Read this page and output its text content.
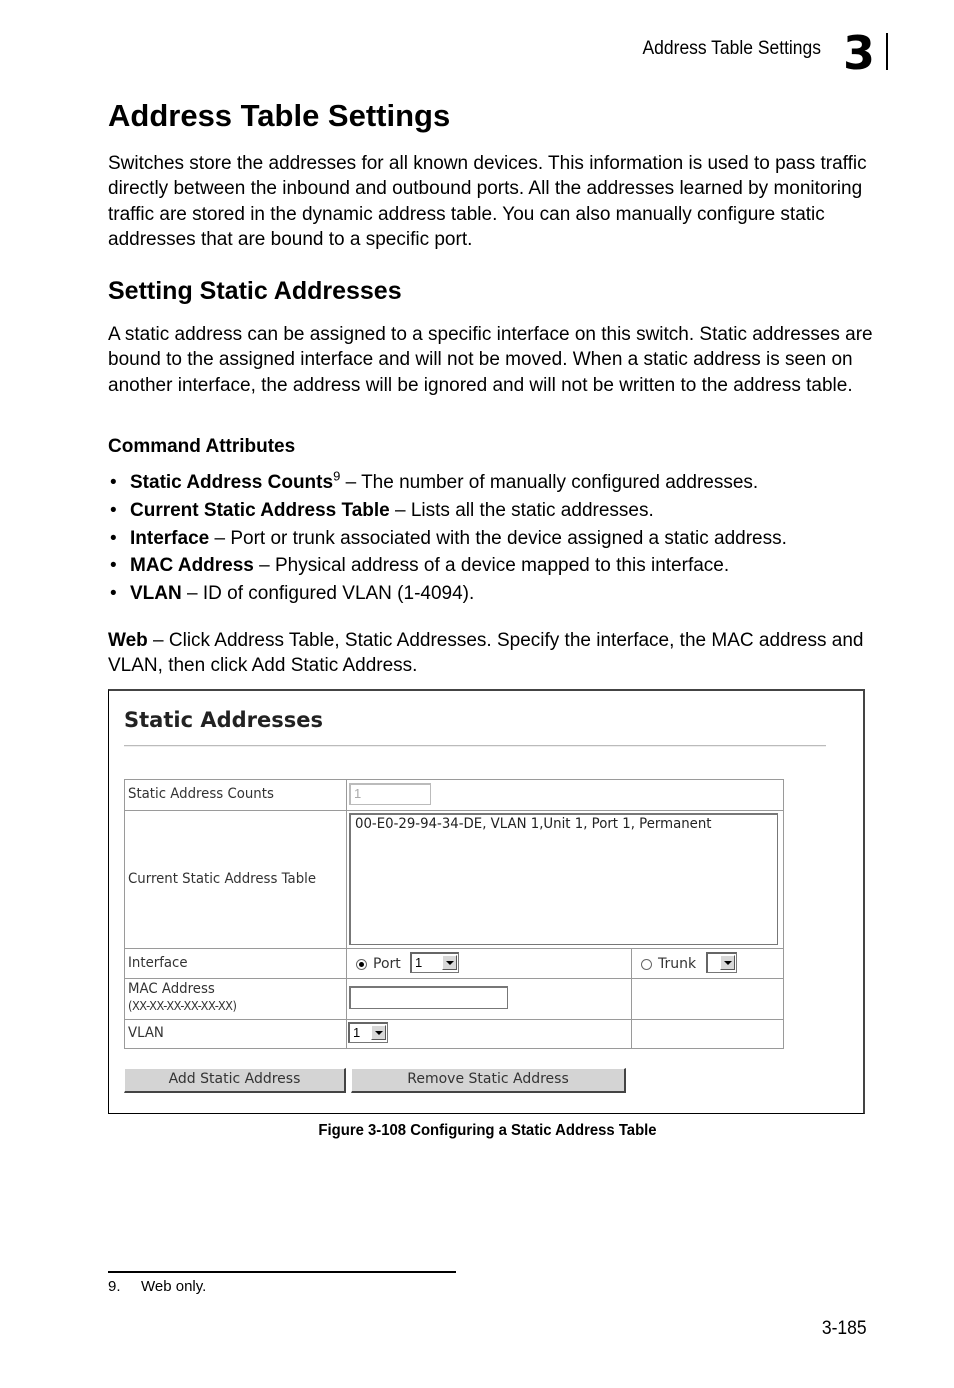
Address Table Settings 3
Address Table Settings

Switches store the addresses for all known devices. This information is used to pass traffic directly between the inbound and outbound ports. All the addresses learned by monitoring traffic are stored in the dynamic address table. You can also manually configure static addresses that are bound to a specific port.

Setting Static Addresses

A static address can be assigned to a specific interface on this switch. Static addresses are bound to the assigned interface and will not be moved. When a static address is seen on another interface, the address will be ignored and will not be written to the address table.

Command Attributes
• Static Address Counts$^9$ – The number of manually configured addresses.
• Current Static Address Table – Lists all the static addresses.
• Interface – Port or trunk associated with the device assigned a static address.
• MAC Address – Physical address of a device mapped to this interface.
• VLAN – ID of configured VLAN (1-4094).

Web – Click Address Table, Static Addresses. Specify the interface, the MAC address and VLAN, then click Add Static Address.

Static Addresses
Static Address Counts
Current Static Address Table
Interface
MAC Address
(XX-XX-XX-XX-XX-XX)
VLAN
1
00-E0-29-94-34-DE, VLAN 1,Unit 1, Port 1, Permanent
Port 1	Trunk
1
Add Static Address	Remove Static Address
Figure 3-108 Configuring a Static Address Table
9. Web only.
3-185
